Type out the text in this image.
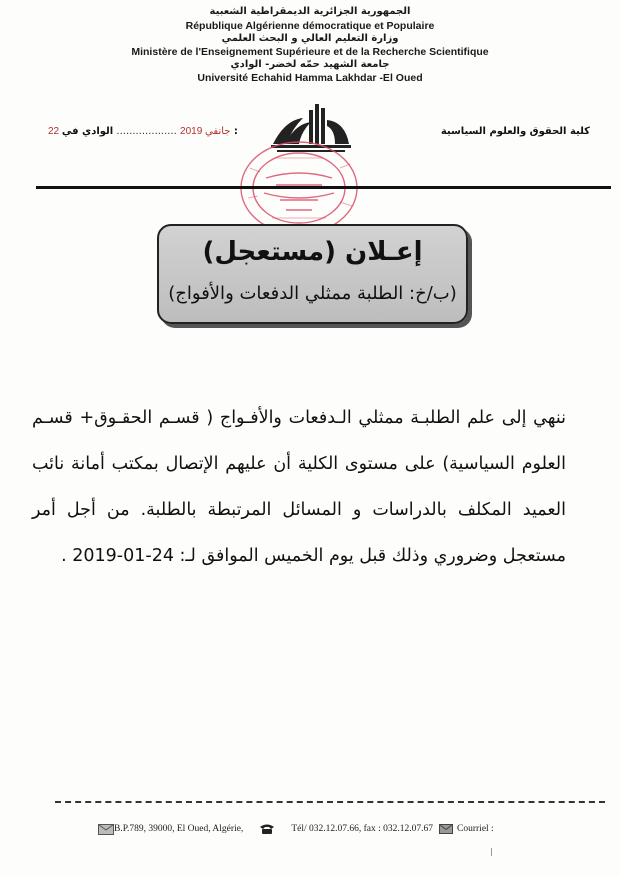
الجمهورية الجزائرية الديمقراطية الشعبية
République Algérienne démocratique et Populaire
وزارة التعليم العالي و البحث العلمي
Ministère de l'Enseignement Supérieure et de la Recherche Scientifique
جامعة الشهيد حمّه لخضر- الوادي
Université Echahid Hamma Lakhdar -El Oued
كلية الحقوق والعلوم السياسية
22 جانفي 2019 ................... الوادي في :
إعـلان (مستعجل)
(ب/خ: الطلبة ممثلي الدفعات والأفواج)
ننهي إلى علم الطلبـة ممثلي الـدفعات والأفـواج ( قسـم الحقـوق+ قسـم العلوم السياسية) على مستوى الكلية أن عليهم الإتصال بمكتب أمانة نائب العميد المكلف بالدراسات و المسائل المرتبطة بالطلبة. من أجل أمر مستعجل وضروري وذلك قبل يوم الخميس الموافق لـ: 24-01-2019 .
B.P.789, 39000, El Oued, Algérie,	Tél/ 032.12.07.66, fax : 032.12.07.67	Courriel :
